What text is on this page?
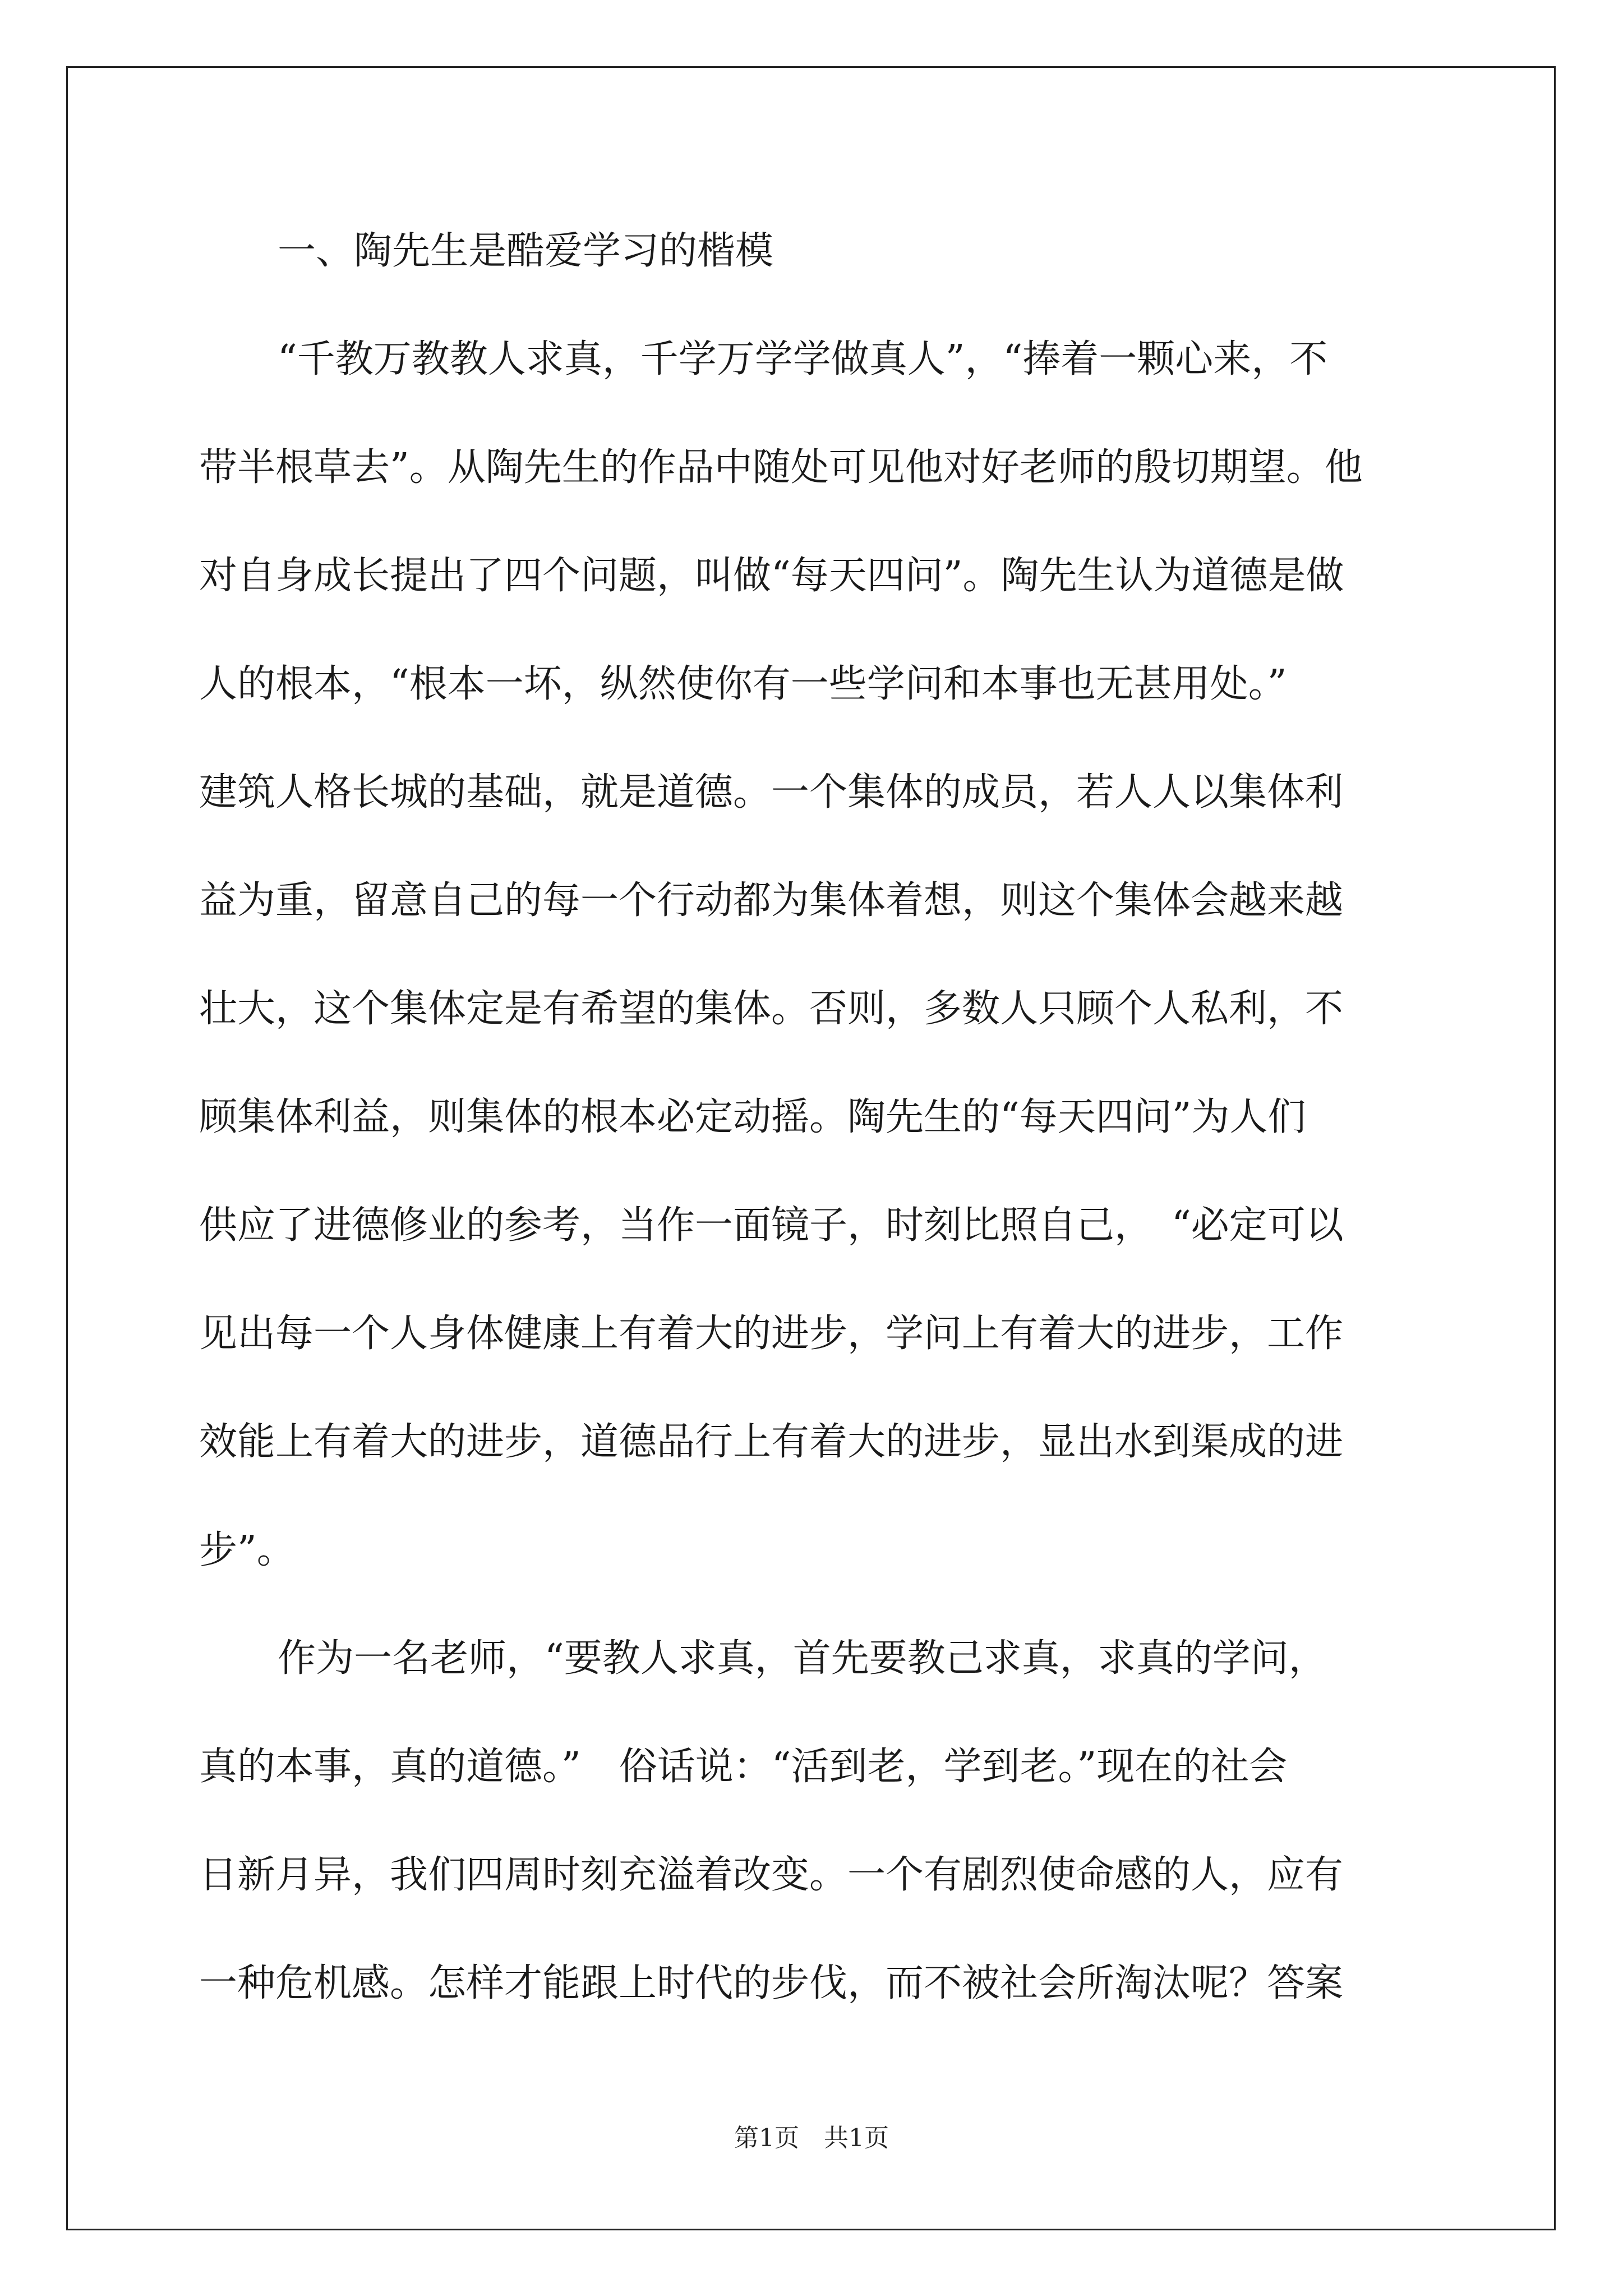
一、陶先生是酷爱学习的楷模
“千教万教教人求真，千学万学学做真人”，“捧着一颗心来，不
带半根草去”。从陶先生的作品中随处可见他对好老师的殷切期望。他
对自身成长提出了四个问题，叫做“每天四问”。陶先生认为道德是做
人的根本，“根本一坏，纵然使你有一些学问和本事也无甚用处。”
建筑人格长城的基础，就是道德。一个集体的成员，若人人以集体利
益为重，留意自己的每一个行动都为集体着想，则这个集体会越来越
壮大，这个集体定是有希望的集体。否则，多数人只顾个人私利，不
顾集体利益，则集体的根本必定动摇。陶先生的“每天四问”为人们
供应了进德修业的参考，当作一面镜子，时刻比照自己，　“必定可以
见出每一个人身体健康上有着大的进步，学问上有着大的进步，工作
效能上有着大的进步，道德品行上有着大的进步，显出水到渠成的进
步”。
作为一名老师，“要教人求真，首先要教己求真，求真的学问，
真的本事，真的道德。”　俗话说：“活到老，学到老。”现在的社会
日新月异，我们四周时刻充溢着改变。一个有剧烈使命感的人，应有
一种危机感。怎样才能跟上时代的步伐，而不被社会所淘汰呢？答案
第1页　共1页
